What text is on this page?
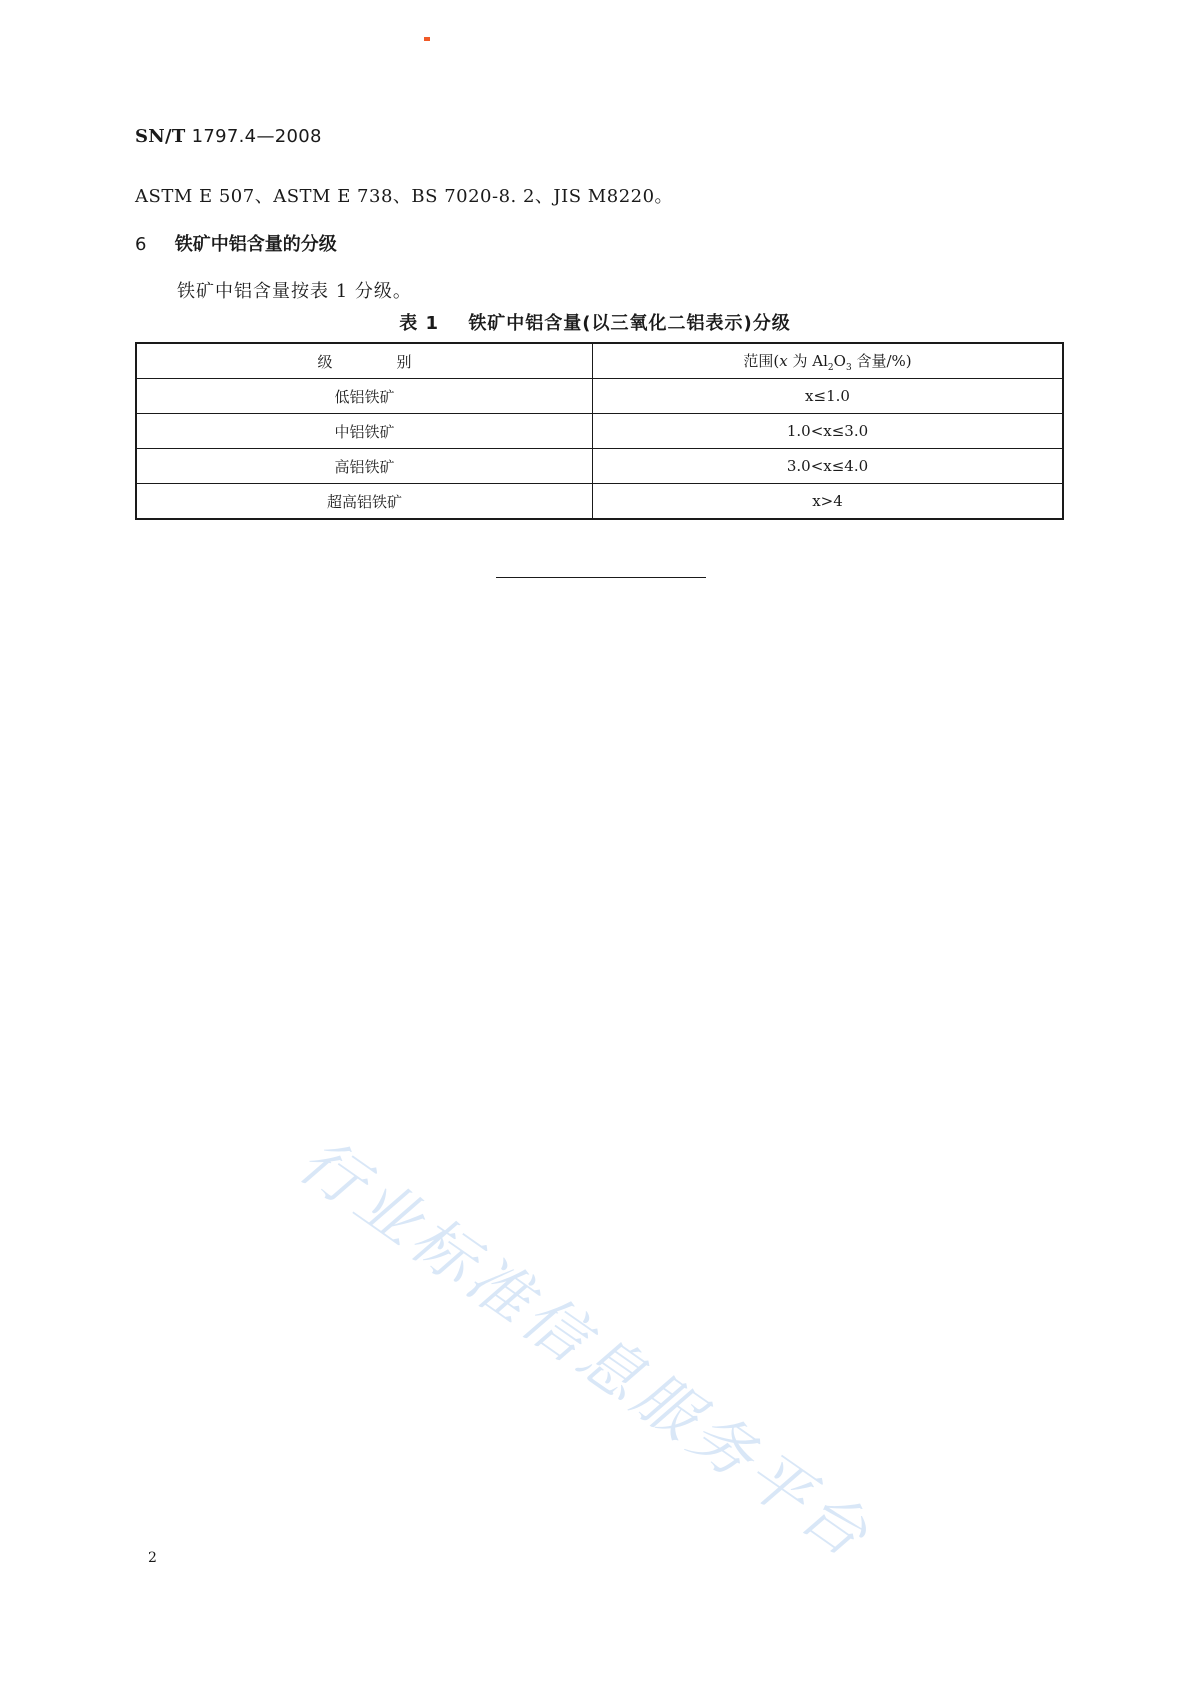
SN/T 1797.4—2008
ASTM E 507、ASTM E 738、BS 7020-8. 2、JIS M8220。
6 铁矿中铝含量的分级
铁矿中铝含量按表 1 分级。
表 1 铁矿中铝含量(以三氧化二铝表示)分级
级 别	范围(x 为 $Al_2O_3$ 含量/%)
低铝铁矿	x≤1.0
中铝铁矿	1.0<x≤3.0
高铝铁矿	3.0<x≤4.0
超高铝铁矿	x>4
行业标准信息服务平台
2
